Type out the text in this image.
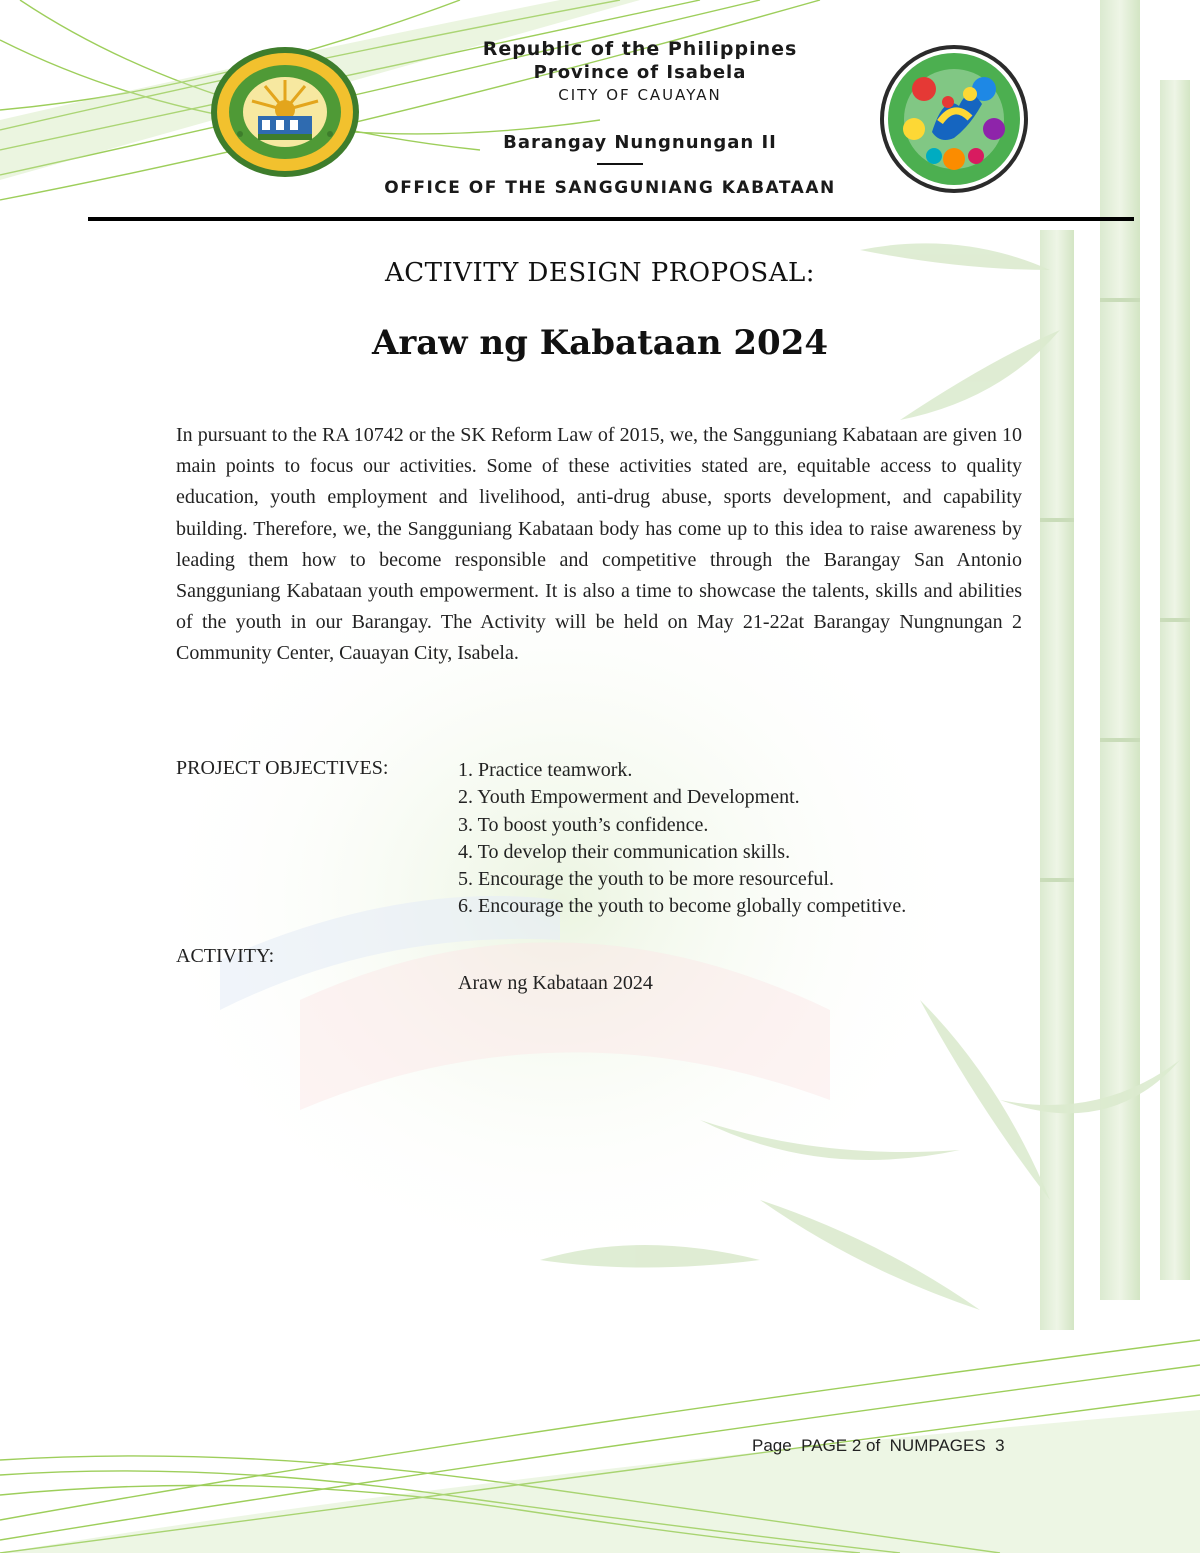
Republic of the Philippines
Province of Isabela
CITY OF CAUAYAN
Barangay Nungnungan II
OFFICE OF THE SANGGUNIANG KABATAAN
ACTIVITY DESIGN PROPOSAL:
Araw ng Kabataan 2024
In pursuant to the RA 10742 or the SK Reform Law of 2015, we, the Sangguniang Kabataan are given 10 main points to focus our activities. Some of these activities stated are, equitable access to quality education, youth employment and livelihood, anti-drug abuse, sports development, and capability building. Therefore, we, the Sangguniang Kabataan body has come up to this idea to raise awareness by leading them how to become responsible and competitive through the Barangay San Antonio Sangguniang Kabataan youth empowerment. It is also a time to showcase the talents, skills and abilities of the youth in our Barangay. The Activity will be held on May 21-22at Barangay Nungnungan 2 Community Center, Cauayan City, Isabela.
PROJECT OBJECTIVES:	1. Practice teamwork.
2. Youth Empowerment and Development.
3. To boost youth’s confidence.
4. To develop their communication skills.
5. Encourage the youth to be more resourceful.
6. Encourage the youth to become globally competitive.
ACTIVITY:
Araw ng Kabataan 2024
Page  PAGE 2 of  NUMPAGES  3
